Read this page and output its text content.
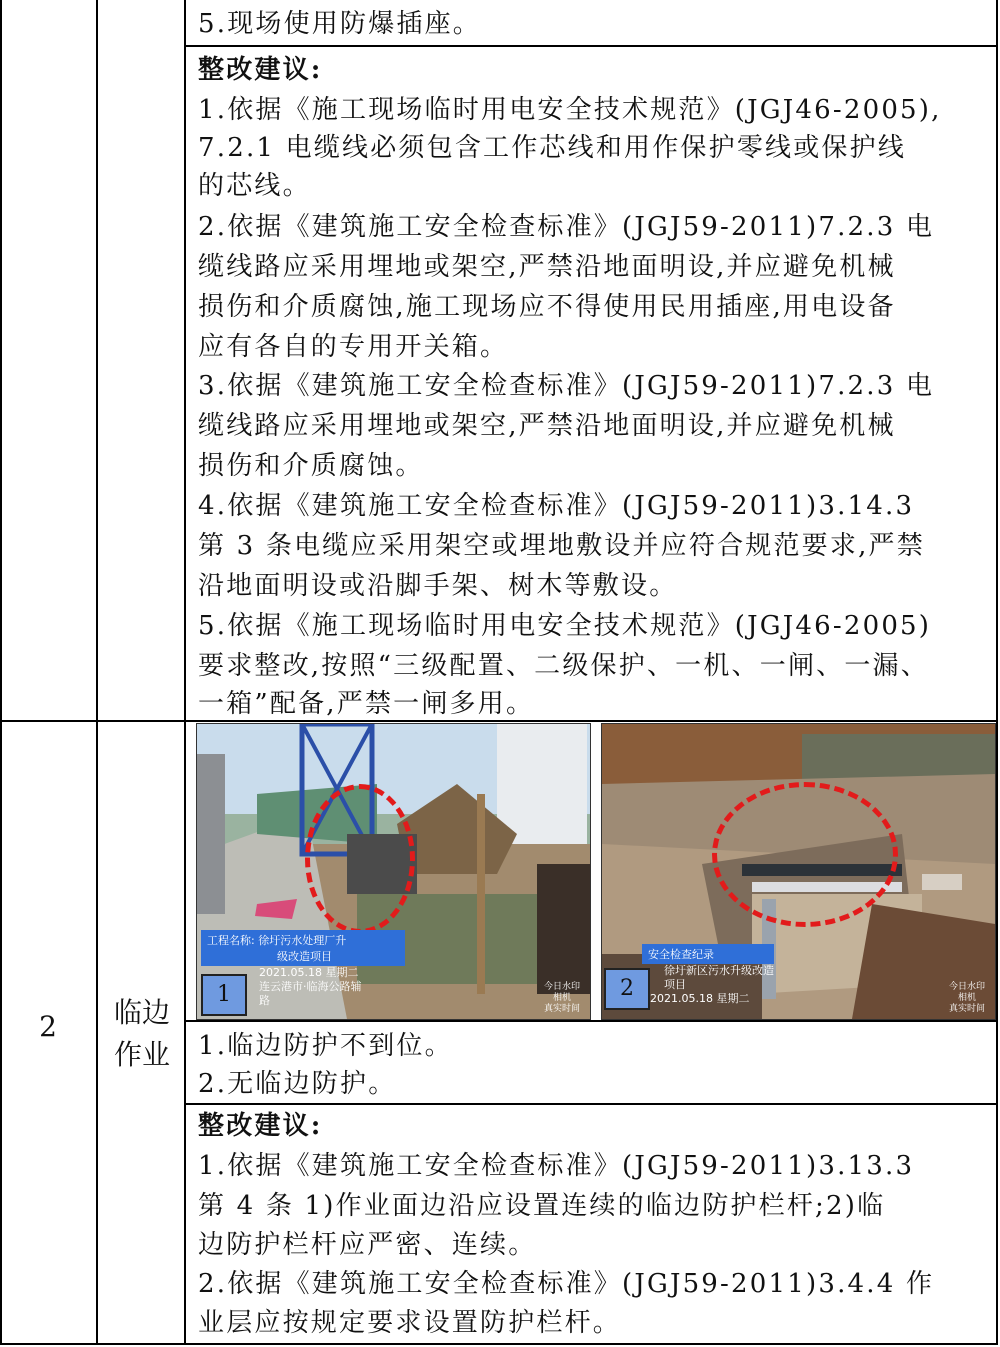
5.现场使用防爆插座。
整改建议:
1.依据《施工现场临时用电安全技术规范》(JGJ46-2005),
7.2.1 电缆线必须包含工作芯线和用作保护零线或保护线
的芯线。
2.依据《建筑施工安全检查标准》(JGJ59-2011)7.2.3 电
缆线路应采用埋地或架空,严禁沿地面明设,并应避免机械
损伤和介质腐蚀,施工现场应不得使用民用插座,用电设备
应有各自的专用开关箱。
3.依据《建筑施工安全检查标准》(JGJ59-2011)7.2.3 电
缆线路应采用埋地或架空,严禁沿地面明设,并应避免机械
损伤和介质腐蚀。
4.依据《建筑施工安全检查标准》(JGJ59-2011)3.14.3
第 3 条电缆应采用架空或埋地敷设并应符合规范要求,严禁
沿地面明设或沿脚手架、树木等敷设。
5.依据《施工现场临时用电安全技术规范》(JGJ46-2005)
要求整改,按照“三级配置、二级保护、一机、一闸、一漏、
一箱”配备,严禁一闸多用。
2	临边
作业
工程名称: 徐圩污水处理厂升
级改造项目
2021.05.18 星期二
连云港市·临海公路辅
路
1	今日水印
相机
真实时间
安全检查纪录
徐圩新区污水升级改造
项目
2021.05.18 星期二
2	今日水印
相机
真实时间
1.临边防护不到位。
2.无临边防护。
整改建议:
1.依据《建筑施工安全检查标准》(JGJ59-2011)3.13.3
第 4 条 1)作业面边沿应设置连续的临边防护栏杆;2)临
边防护栏杆应严密、连续。
2.依据《建筑施工安全检查标准》(JGJ59-2011)3.4.4 作
业层应按规定要求设置防护栏杆。
